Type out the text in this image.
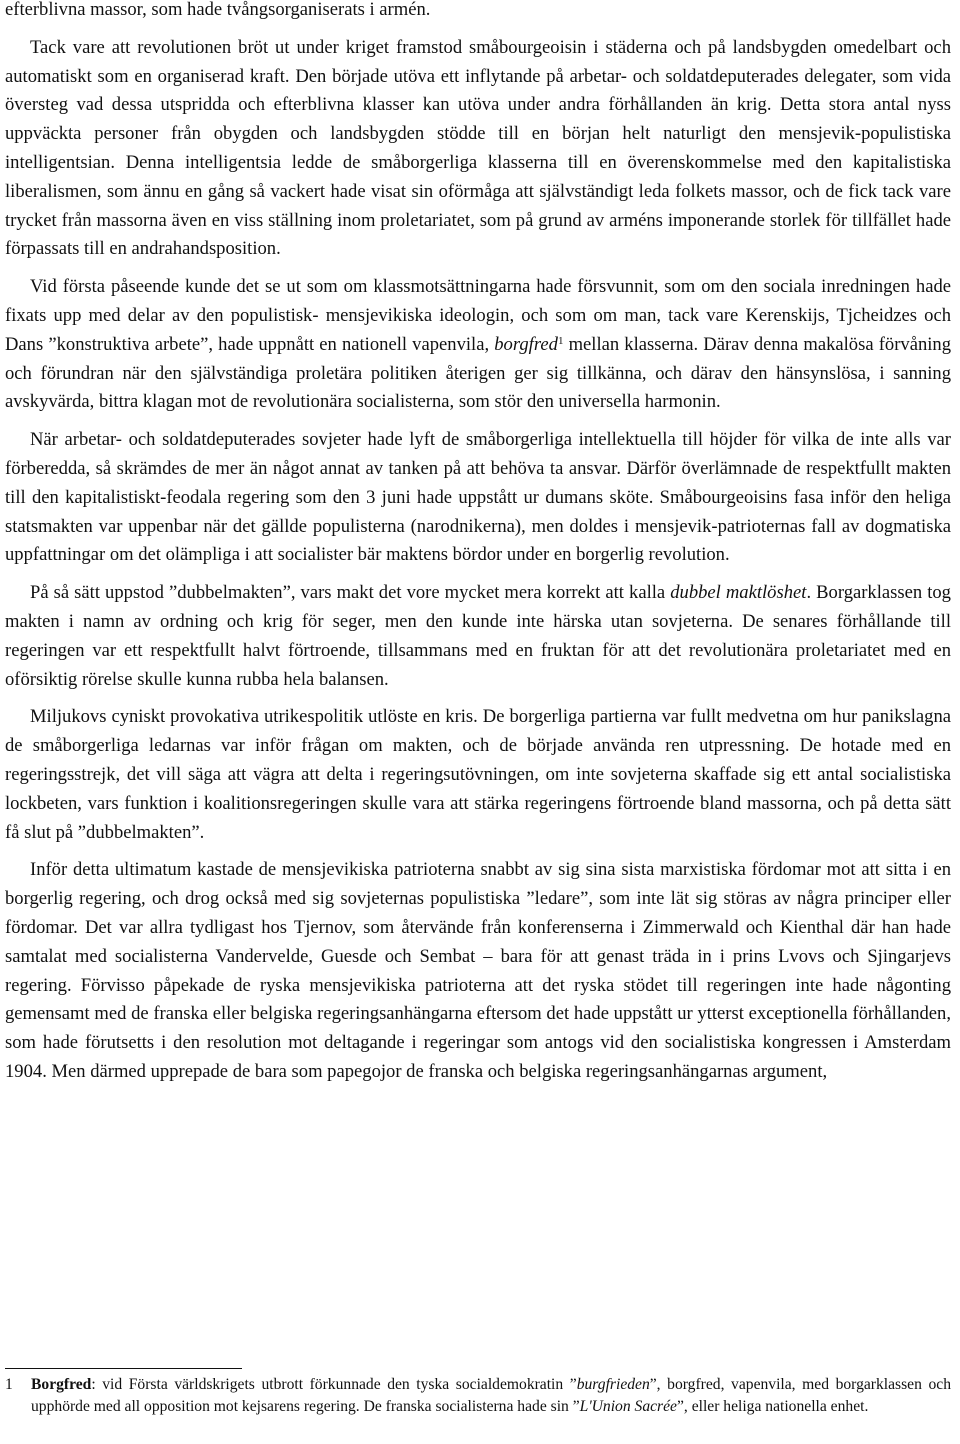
efterblivna massor, som hade tvångsorganiserats i armén.

Tack vare att revolutionen bröt ut under kriget framstod småbourgeoisin i städerna och på landsbygden omedelbart och automatiskt som en organiserad kraft. Den började utöva ett inflytande på arbetar- och soldatdeputerades delegater, som vida översteg vad dessa utspridda och efterblivna klasser kan utöva under andra förhållanden än krig. Detta stora antal nyss uppväckta personer från obygden och landsbygden stödde till en början helt naturligt den mensjevik-populistiska intelligentsian. Denna intelligentsia ledde de småborgerliga klasserna till en överenskommelse med den kapitalistiska liberalismen, som ännu en gång så vackert hade visat sin oförmåga att självständigt leda folkets massor, och de fick tack vare trycket från massorna även en viss ställning inom proletariatet, som på grund av arméns imponerande storlek för tillfället hade förpassats till en andrahandsposition.

Vid första påseende kunde det se ut som om klassmotsättningarna hade försvunnit, som om den sociala inredningen hade fixats upp med delar av den populistisk- mensjevikiska ideologin, och som om man, tack vare Kerenskijs, Tjcheidzes och Dans ”konstruktiva arbete”, hade uppnått en nationell vapenvila, borgfred$^1$ mellan klasserna. Därav denna makalösa förvåning och förundran när den självständiga proletära politiken återigen ger sig tillkänna, och därav den hänsynslösa, i sanning avskyvärda, bittra klagan mot de revolutionära socialisterna, som stör den universella harmonin.

När arbetar- och soldatdeputerades sovjeter hade lyft de småborgerliga intellektuella till höjder för vilka de inte alls var förberedda, så skrämdes de mer än något annat av tanken på att behöva ta ansvar. Därför överlämnade de respektfullt makten till den kapitalistiskt-feodala regering som den 3 juni hade uppstått ur dumans sköte. Småbourgeoisins fasa inför den heliga statsmakten var uppenbar när det gällde populisterna (narodnikerna), men doldes i mensjevik-patrioternas fall av dogmatiska uppfattningar om det olämpliga i att socialister bär maktens bördor under en borgerlig revolution.

På så sätt uppstod ”dubbelmakten”, vars makt det vore mycket mera korrekt att kalla dubbel maktlöshet. Borgarklassen tog makten i namn av ordning och krig för seger, men den kunde inte härska utan sovjeterna. De senares förhållande till regeringen var ett respektfullt halvt förtroende, tillsammans med en fruktan för att det revolutionära proletariatet med en oförsiktig rörelse skulle kunna rubba hela balansen.

Miljukovs cyniskt provokativa utrikespolitik utlöste en kris. De borgerliga partierna var fullt medvetna om hur panikslagna de småborgerliga ledarnas var inför frågan om makten, och de började använda ren utpressning. De hotade med en regeringsstrejk, det vill säga att vägra att delta i regeringsutövningen, om inte sovjeterna skaffade sig ett antal socialistiska lockbeten, vars funktion i koalitionsregeringen skulle vara att stärka regeringens förtroende bland massorna, och på detta sätt få slut på ”dubbelmakten”.

Inför detta ultimatum kastade de mensjevikiska patrioterna snabbt av sig sina sista marxistiska fördomar mot att sitta i en borgerlig regering, och drog också med sig sovjeternas populistiska ”ledare”, som inte lät sig störas av några principer eller fördomar. Det var allra tydligast hos Tjernov, som återvände från konferenserna i Zimmerwald och Kienthal där han hade samtalat med socialisterna Vandervelde, Guesde och Sembat – bara för att genast träda in i prins Lvovs och Sjingarjevs regering. Förvisso påpekade de ryska mensjevikiska patrioterna att det ryska stödet till regeringen inte hade någonting gemensamt med de franska eller belgiska regeringsanhängarna eftersom det hade uppstått ur ytterst exceptionella förhållanden, som hade förutsetts i den resolution mot deltagande i regeringar som antogs vid den socialistiska kongressen i Amsterdam 1904. Men därmed upprepade de bara som papegojor de franska och belgiska regeringsanhängarnas argument,

1 Borgfred: vid Första världskrigets utbrott förkunnade den tyska socialdemokratin ”burgfrieden”, borgfred, vapenvila, med borgarklassen och upphörde med all opposition mot kejsarens regering. De franska socialisterna hade sin ”L'Union Sacrée”, eller heliga nationella enhet.
